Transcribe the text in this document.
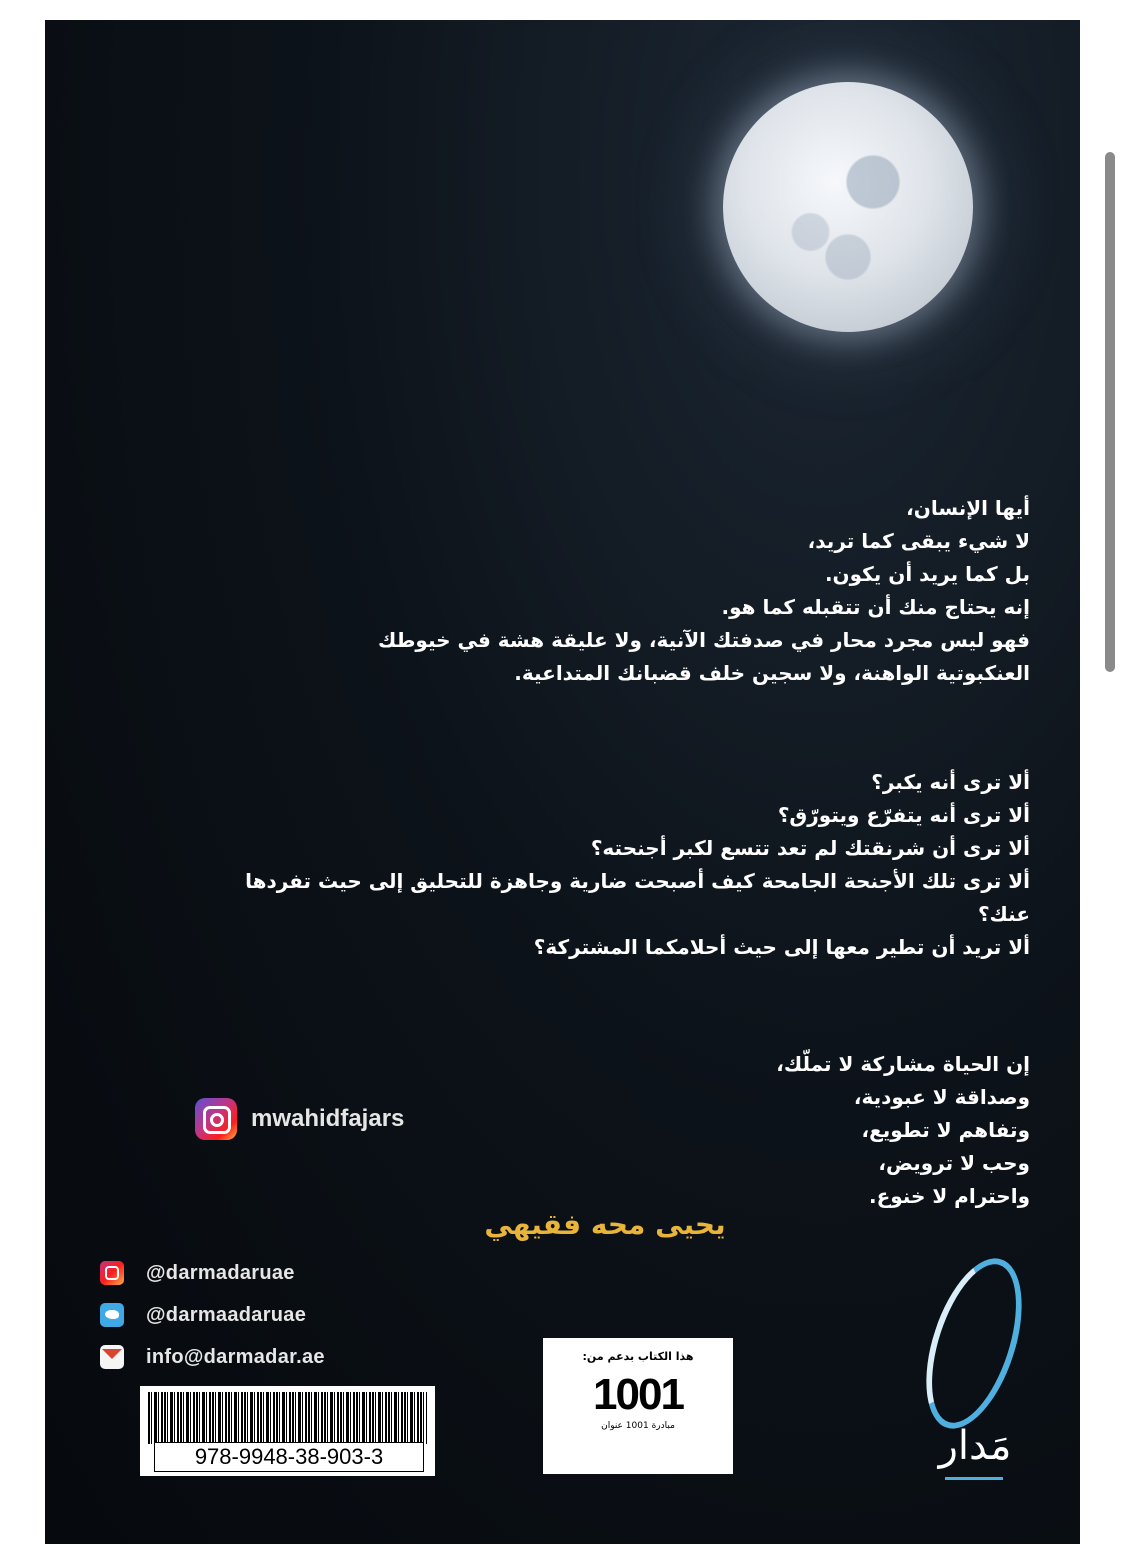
أيها الإنسان،
لا شيء يبقى كما تريد،
بل كما يريد أن يكون.
إنه يحتاج منك أن تتقبله كما هو.
فهو ليس مجرد محار في صدفتك الآنية، ولا عليقة هشة في خيوطك
العنكبوتية الواهنة، ولا سجين خلف قضبانك المتداعية.
ألا ترى أنه يكبر؟
ألا ترى أنه يتفرّع ويتورّق؟
ألا ترى أن شرنقتك لم تعد تتسع لكبر أجنحته؟
ألا ترى تلك الأجنحة الجامحة كيف أصبحت ضارية وجاهزة للتحليق إلى حيث تفردها
عنك؟
ألا تريد أن تطير معها إلى حيث أحلامكما المشتركة؟
إن الحياة مشاركة لا تملّك،
وصداقة لا عبودية،
وتفاهم لا تطويع،
وحب لا ترويض،
واحترام لا خنوع.
mwahidfajars
يحيى محه فقيهي
@darmadaruae
@darmaadaruae
info@darmadar.ae
978-9948-38-903-3
هذا الكتاب بدعم من:
1001
مبادرة 1001 عنوان	مَدار
